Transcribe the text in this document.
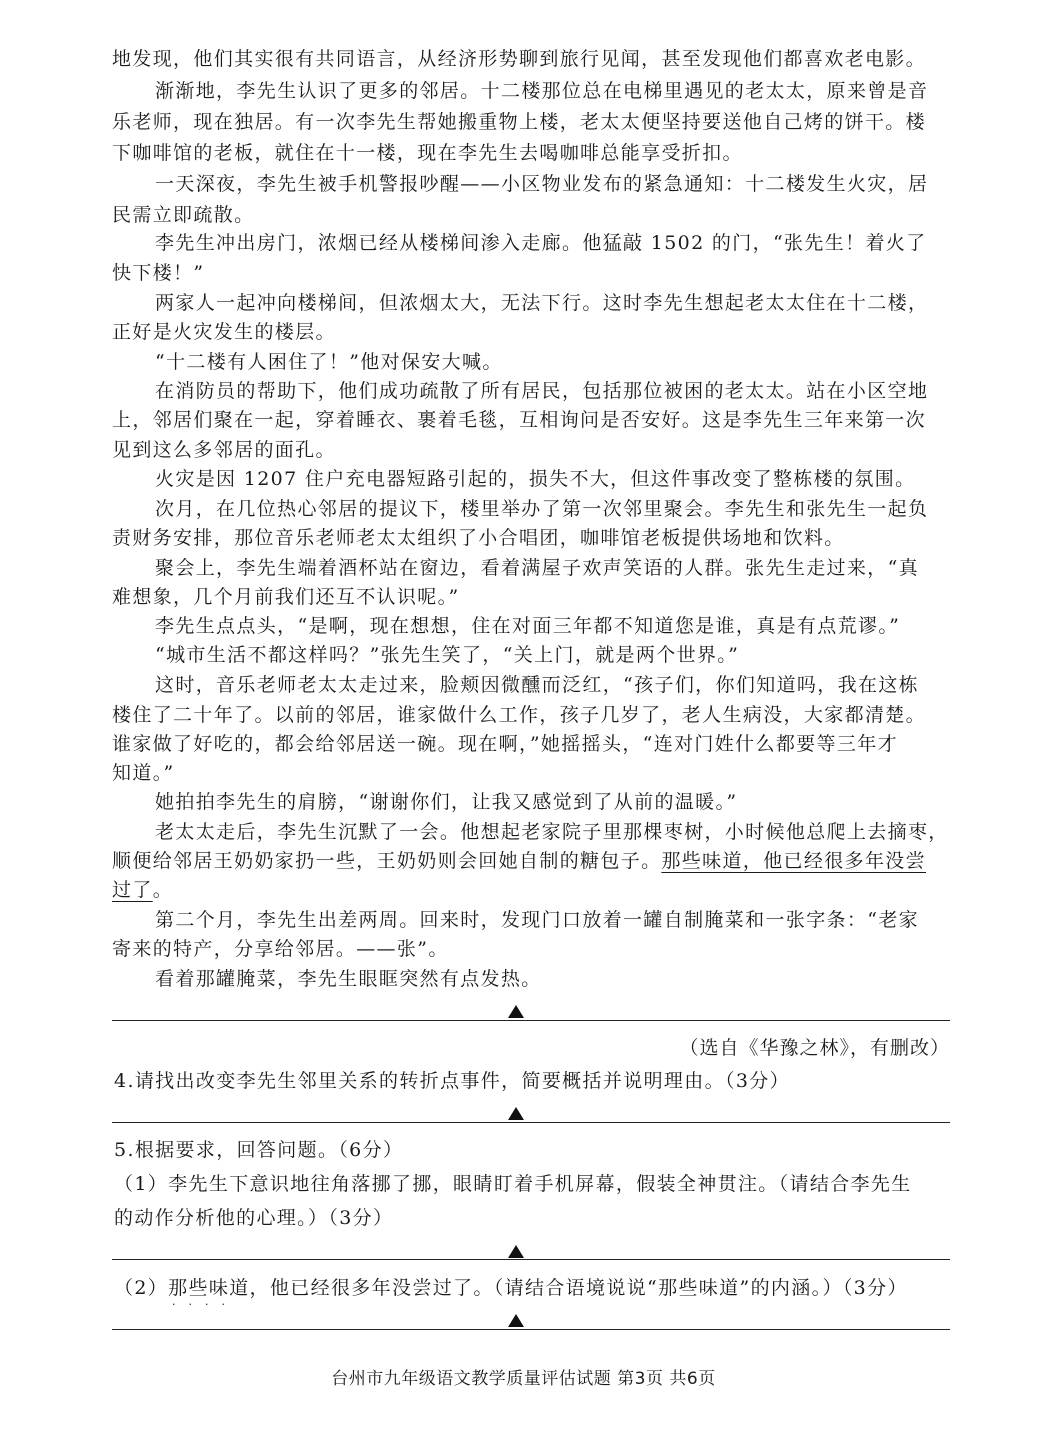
地发现，他们其实很有共同语言，从经济形势聊到旅行见闻，甚至发现他们都喜欢老电影。
渐渐地，李先生认识了更多的邻居。十二楼那位总在电梯里遇见的老太太，原来曾是音
乐老师，现在独居。有一次李先生帮她搬重物上楼，老太太便坚持要送他自己烤的饼干。楼
下咖啡馆的老板，就住在十一楼，现在李先生去喝咖啡总能享受折扣。
一天深夜，李先生被手机警报吵醒——小区物业发布的紧急通知：十二楼发生火灾，居
民需立即疏散。
李先生冲出房门，浓烟已经从楼梯间渗入走廊。他猛敲 1502 的门，“张先生！着火了
快下楼！”
两家人一起冲向楼梯间，但浓烟太大，无法下行。这时李先生想起老太太住在十二楼，
正好是火灾发生的楼层。
“十二楼有人困住了！”他对保安大喊。
在消防员的帮助下，他们成功疏散了所有居民，包括那位被困的老太太。站在小区空地
上，邻居们聚在一起，穿着睡衣、裹着毛毯，互相询问是否安好。这是李先生三年来第一次
见到这么多邻居的面孔。
火灾是因 1207 住户充电器短路引起的，损失不大，但这件事改变了整栋楼的氛围。
次月，在几位热心邻居的提议下，楼里举办了第一次邻里聚会。李先生和张先生一起负
责财务安排，那位音乐老师老太太组织了小合唱团，咖啡馆老板提供场地和饮料。
聚会上，李先生端着酒杯站在窗边，看着满屋子欢声笑语的人群。张先生走过来，“真
难想象，几个月前我们还互不认识呢。”
李先生点点头，“是啊，现在想想，住在对面三年都不知道您是谁，真是有点荒谬。”
“城市生活不都这样吗？”张先生笑了，“关上门，就是两个世界。”
这时，音乐老师老太太走过来，脸颊因微醺而泛红，“孩子们，你们知道吗，我在这栋
楼住了二十年了。以前的邻居，谁家做什么工作，孩子几岁了，老人生病没，大家都清楚。
谁家做了好吃的，都会给邻居送一碗。现在啊，”她摇摇头，“连对门姓什么都要等三年才
知道。”
她拍拍李先生的肩膀，“谢谢你们，让我又感觉到了从前的温暖。”
老太太走后，李先生沉默了一会。他想起老家院子里那棵枣树，小时候他总爬上去摘枣，
顺便给邻居王奶奶家扔一些，王奶奶则会回她自制的糖包子。那些味道，他已经很多年没尝
过了。
第二个月，李先生出差两周。回来时，发现门口放着一罐自制腌菜和一张字条：“老家
寄来的特产，分享给邻居。——张”。
看着那罐腌菜，李先生眼眶突然有点发热。
（选自《华豫之林》，有删改）
4.请找出改变李先生邻里关系的转折点事件，简要概括并说明理由。（3分）
5.根据要求，回答问题。（6分）
（1）李先生下意识地往角落挪了挪，眼睛盯着手机屏幕，假装全神贯注。（请结合李先生
的动作分析他的心理。）（3分）
（2）那些味道，他已经很多年没尝过了。（请结合语境说说“那些味道”的内涵。）（3分）
····
台州市九年级语文教学质量评估试题 第3页 共6页
